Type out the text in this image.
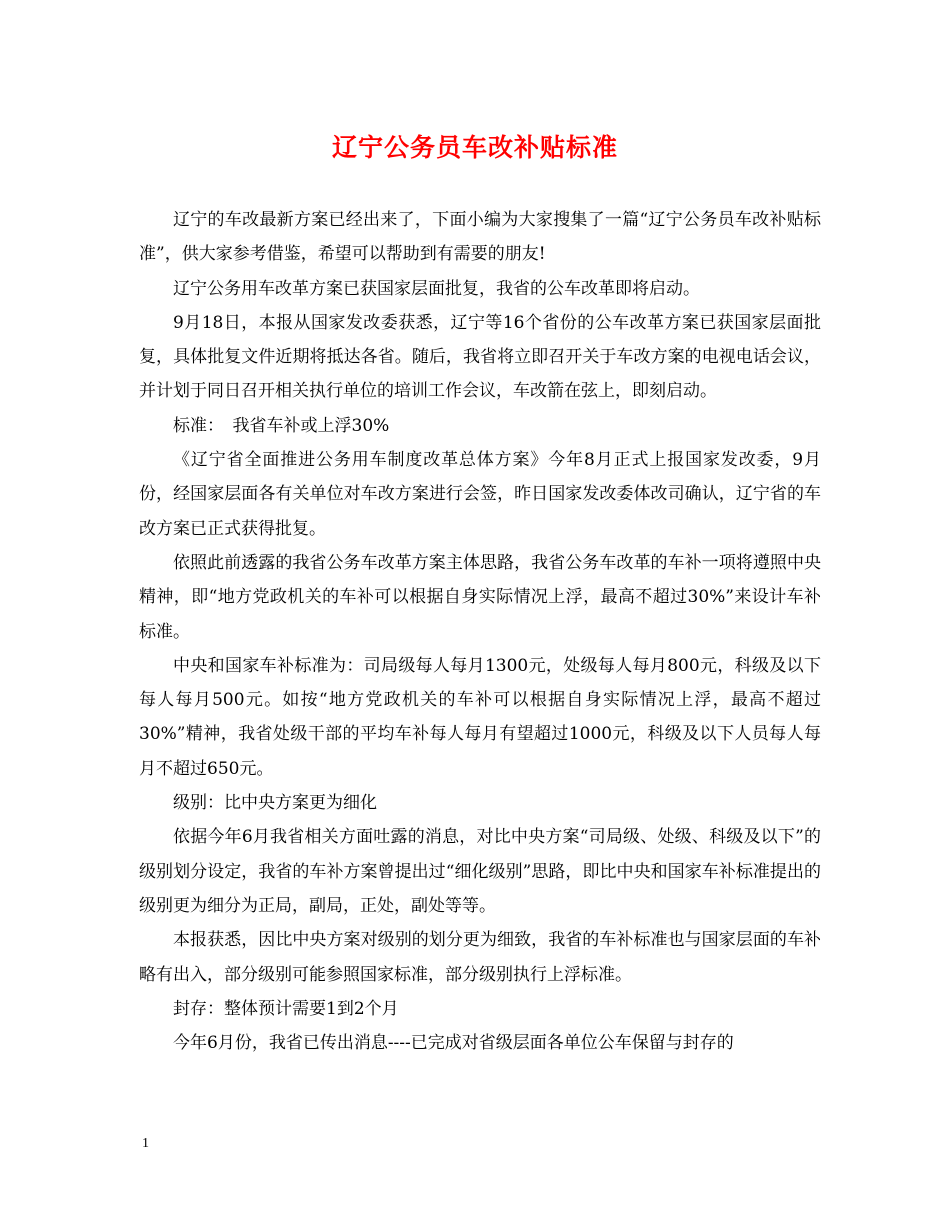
辽宁公务员车改补贴标准

辽宁的车改最新方案已经出来了，下面小编为大家搜集了一篇“辽宁公务员车改补贴标准”，供大家参考借鉴，希望可以帮助到有需要的朋友!

辽宁公务用车改革方案已获国家层面批复，我省的公车改革即将启动。

9月18日，本报从国家发改委获悉，辽宁等16个省份的公车改革方案已获国家层面批复，具体批复文件近期将抵达各省。随后，我省将立即召开关于车改方案的电视电话会议，并计划于同日召开相关执行单位的培训工作会议，车改箭在弦上，即刻启动。

标准：　我省车补或上浮30%

《辽宁省全面推进公务用车制度改革总体方案》今年8月正式上报国家发改委，9月份，经国家层面各有关单位对车改方案进行会签，昨日国家发改委体改司确认，辽宁省的车改方案已正式获得批复。

依照此前透露的我省公务车改革方案主体思路，我省公务车改革的车补一项将遵照中央精神，即“地方党政机关的车补可以根据自身实际情况上浮，最高不超过30%”来设计车补标准。

中央和国家车补标准为：司局级每人每月1300元，处级每人每月800元，科级及以下每人每月500元。如按“地方党政机关的车补可以根据自身实际情况上浮，最高不超过30%”精神，我省处级干部的平均车补每人每月有望超过1000元，科级及以下人员每人每月不超过650元。

级别：比中央方案更为细化

依据今年6月我省相关方面吐露的消息，对比中央方案“司局级、处级、科级及以下”的级别划分设定，我省的车补方案曾提出过“细化级别”思路，即比中央和国家车补标准提出的级别更为细分为正局，副局，正处，副处等等。

本报获悉，因比中央方案对级别的划分更为细致，我省的车补标准也与国家层面的车补略有出入，部分级别可能参照国家标准，部分级别执行上浮标准。

封存：整体预计需要1到2个月

今年6月份，我省已传出消息----已完成对省级层面各单位公车保留与封存的

1
